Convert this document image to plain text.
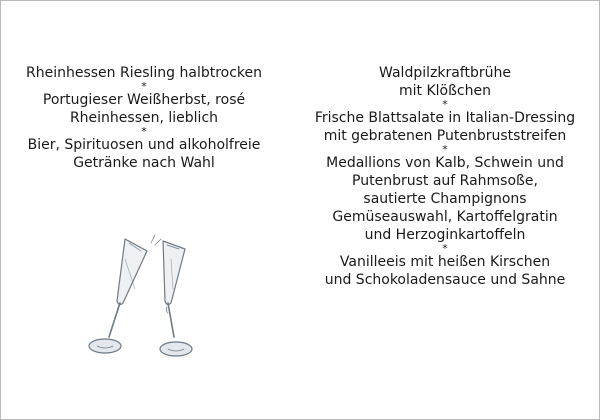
Rheinhessen Riesling halbtrocken
*
Portugieser Weißherbst, rosé
Rheinhessen, lieblich
*
Bier, Spirituosen und alkoholfreie
Getränke nach Wahl
Waldpilzkraftbrühe
mit Klößchen
*
Frische Blattsalate in Italian-Dressing
mit gebratenen Putenbruststreifen
*
Medallions von Kalb, Schwein und
Putenbrust auf Rahmsoße,
sautierte Champignons
Gemüseauswahl, Kartoffelgratin
und Herzoginkartoffeln
*
Vanilleeis mit heißen Kirschen
und Schokoladensauce und Sahne
